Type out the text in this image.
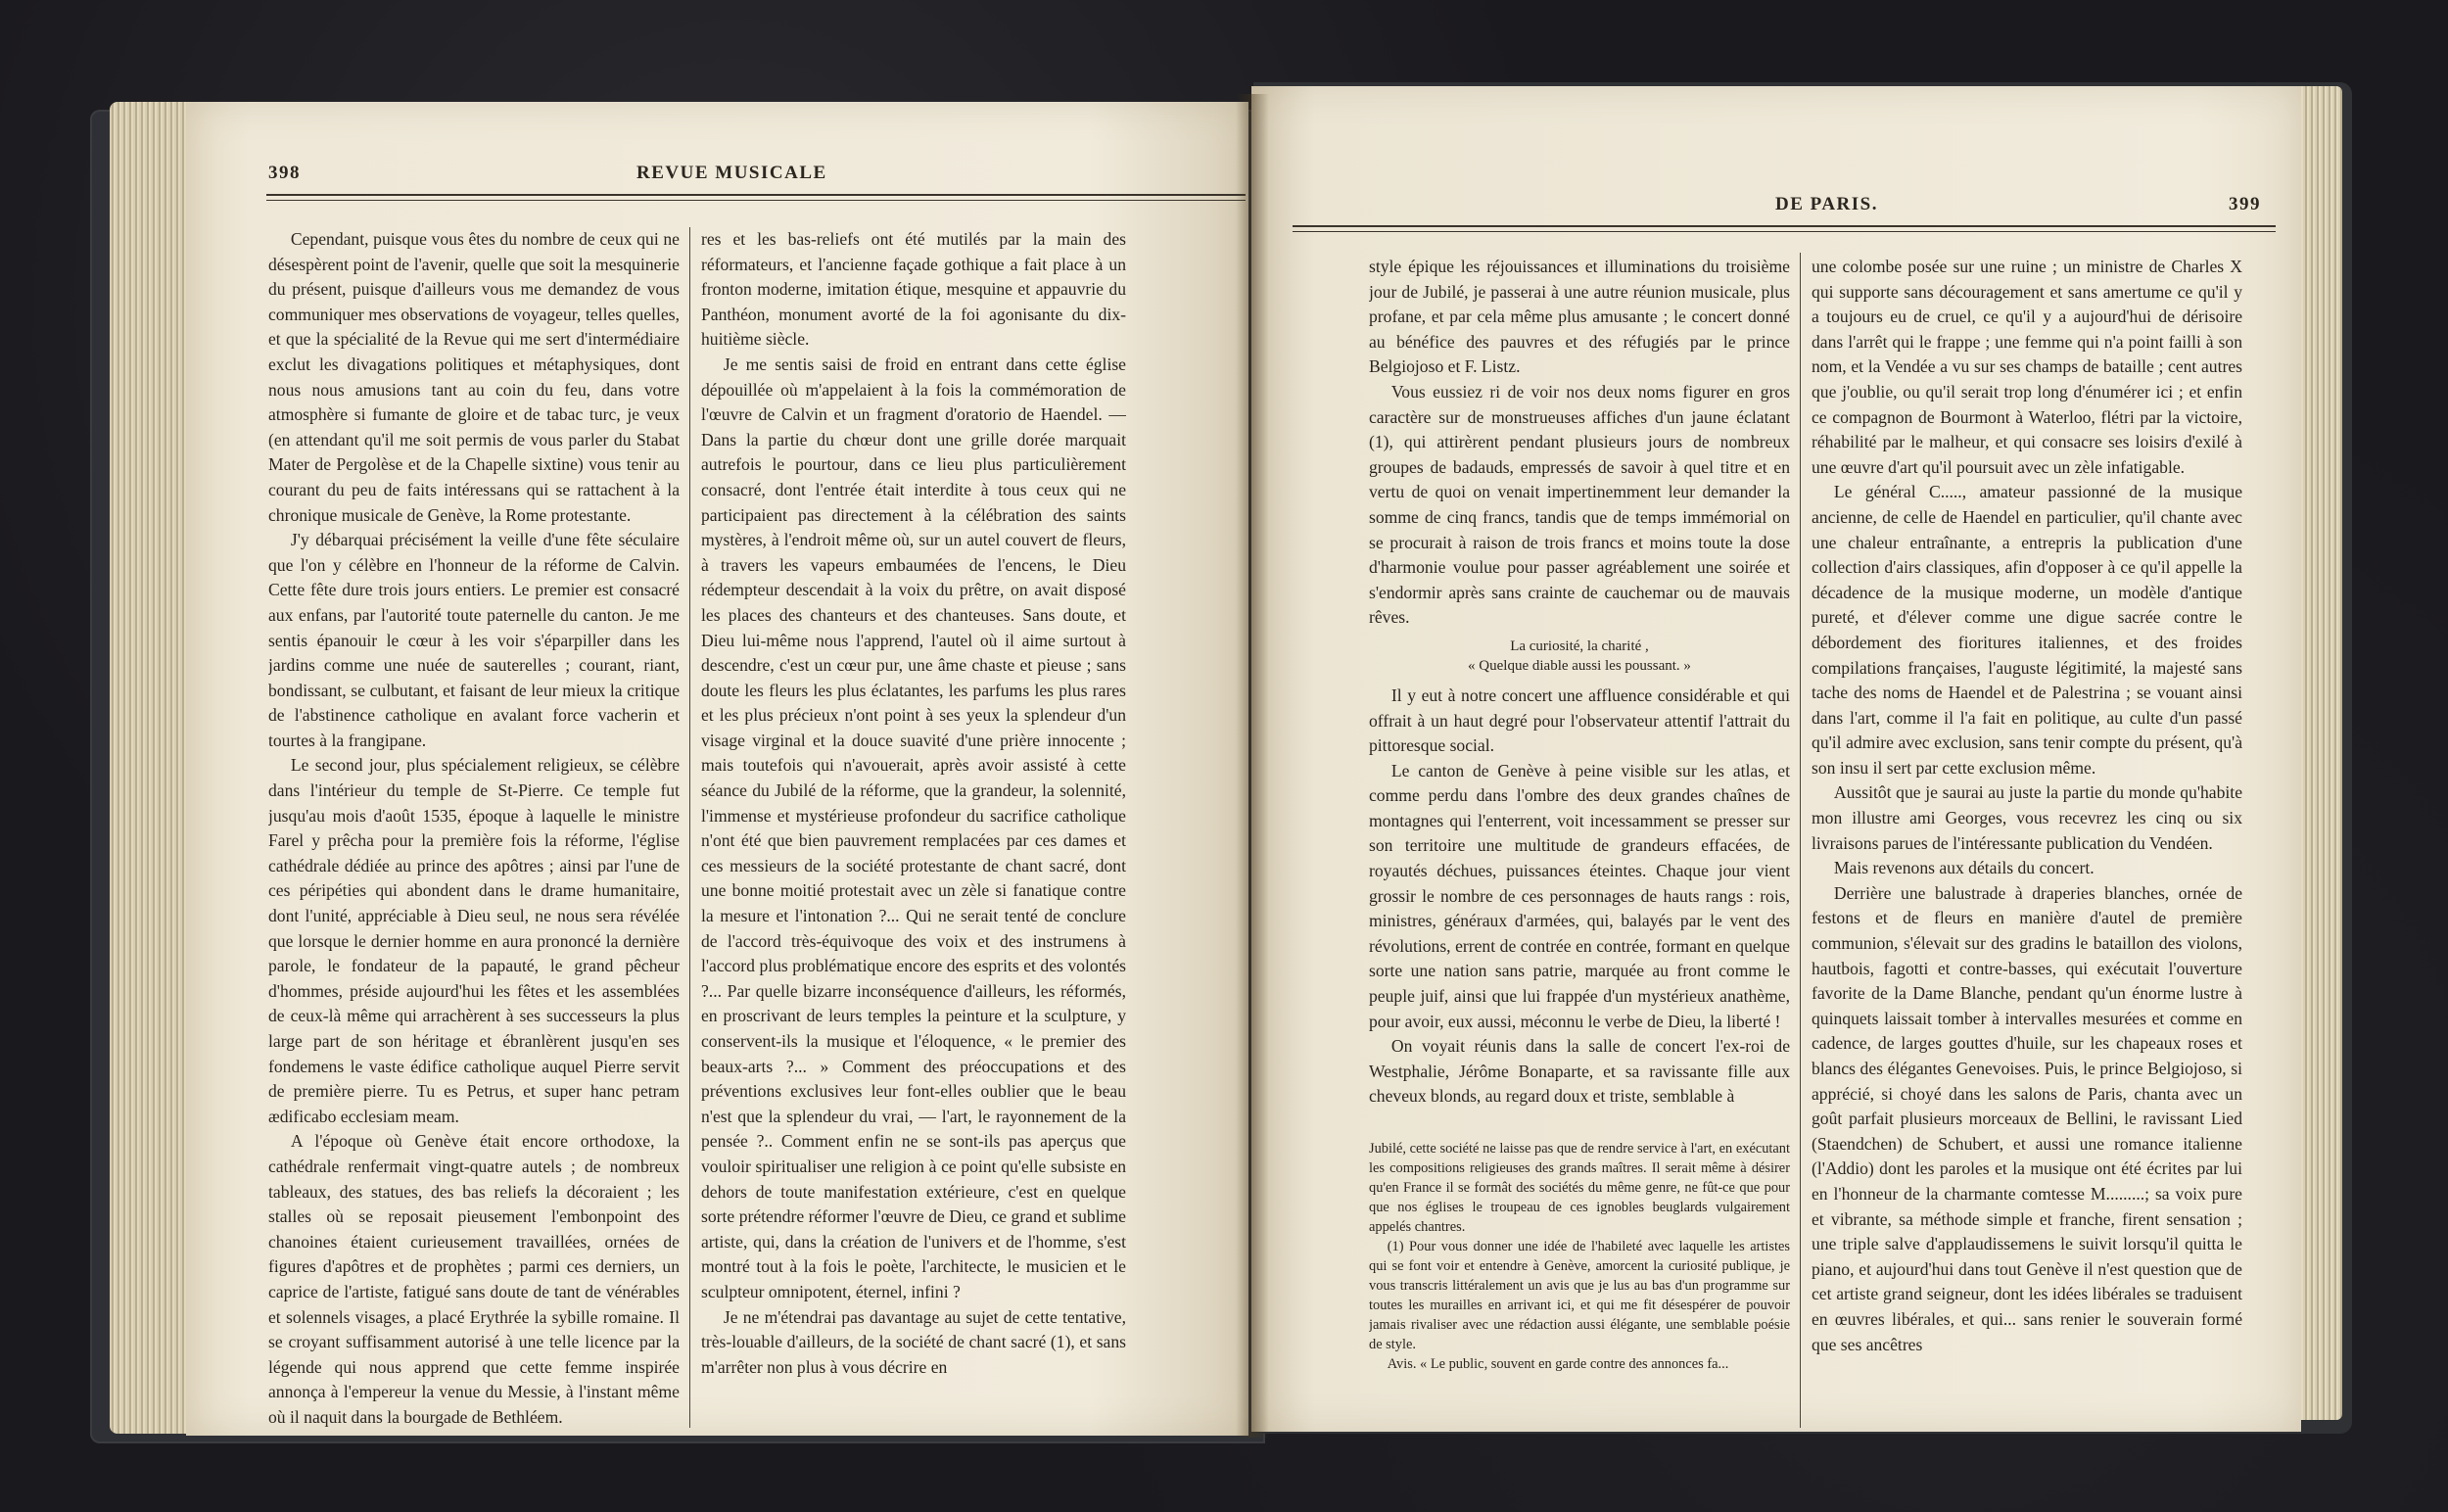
398	REVUE MUSICALE

Cependant, puisque vous êtes du nombre de ceux qui ne désespèrent point de l'avenir, quelle que soit la mesquinerie du présent, puisque d'ailleurs vous me demandez de vous communiquer mes observations de voyageur, telles quelles, et que la spécialité de la Revue qui me sert d'intermédiaire exclut les divagations politiques et métaphysiques, dont nous nous amusions tant au coin du feu, dans votre atmosphère si fumante de gloire et de tabac turc, je veux (en attendant qu'il me soit permis de vous parler du Stabat Mater de Pergolèse et de la Chapelle sixtine) vous tenir au courant du peu de faits intéressans qui se rattachent à la chronique musicale de Genève, la Rome protestante.

J'y débarquai précisément la veille d'une fête séculaire que l'on y célèbre en l'honneur de la réforme de Calvin. Cette fête dure trois jours entiers. Le premier est consacré aux enfans, par l'autorité toute paternelle du canton. Je me sentis épanouir le cœur à les voir s'éparpiller dans les jardins comme une nuée de sauterelles ; courant, riant, bondissant, se culbutant, et faisant de leur mieux la critique de l'abstinence catholique en avalant force vacherin et tourtes à la frangipane.

Le second jour, plus spécialement religieux, se célèbre dans l'intérieur du temple de St-Pierre. Ce temple fut jusqu'au mois d'août 1535, époque à laquelle le ministre Farel y prêcha pour la première fois la réforme, l'église cathédrale dédiée au prince des apôtres ; ainsi par l'une de ces péripéties qui abondent dans le drame humanitaire, dont l'unité, appréciable à Dieu seul, ne nous sera révélée que lorsque le dernier homme en aura prononcé la dernière parole, le fondateur de la papauté, le grand pêcheur d'hommes, préside aujourd'hui les fêtes et les assemblées de ceux-là même qui arrachèrent à ses successeurs la plus large part de son héritage et ébranlèrent jusqu'en ses fondemens le vaste édifice catholique auquel Pierre servit de première pierre. Tu es Petrus, et super hanc petram ædificabo ecclesiam meam.

A l'époque où Genève était encore orthodoxe, la cathédrale renfermait vingt-quatre autels ; de nombreux tableaux, des statues, des bas reliefs la décoraient ; les stalles où se reposait pieusement l'embonpoint des chanoines étaient curieusement travaillées, ornées de figures d'apôtres et de prophètes ; parmi ces derniers, un caprice de l'artiste, fatigué sans doute de tant de vénérables et solennels visages, a placé Erythrée la sybille romaine. Il se croyant suffisamment autorisé à une telle licence par la légende qui nous apprend que cette femme inspirée annonça à l'empereur la venue du Messie, à l'instant même où il naquit dans la bourgade de Bethléem.

res et les bas-reliefs ont été mutilés par la main des réformateurs, et l'ancienne façade gothique a fait place à un fronton moderne, imitation étique, mesquine et appauvrie du Panthéon, monument avorté de la foi agonisante du dix-huitième siècle.

Je me sentis saisi de froid en entrant dans cette église dépouillée où m'appelaient à la fois la commémoration de l'œuvre de Calvin et un fragment d'oratorio de Haendel. — Dans la partie du chœur dont une grille dorée marquait autrefois le pourtour, dans ce lieu plus particulièrement consacré, dont l'entrée était interdite à tous ceux qui ne participaient pas directement à la célébration des saints mystères, à l'endroit même où, sur un autel couvert de fleurs, à travers les vapeurs embaumées de l'encens, le Dieu rédempteur descendait à la voix du prêtre, on avait disposé les places des chanteurs et des chanteuses. Sans doute, et Dieu lui-même nous l'apprend, l'autel où il aime surtout à descendre, c'est un cœur pur, une âme chaste et pieuse ; sans doute les fleurs les plus éclatantes, les parfums les plus rares et les plus précieux n'ont point à ses yeux la splendeur d'un visage virginal et la douce suavité d'une prière innocente ; mais toutefois qui n'avouerait, après avoir assisté à cette séance du Jubilé de la réforme, que la grandeur, la solennité, l'immense et mystérieuse profondeur du sacrifice catholique n'ont été que bien pauvrement remplacées par ces dames et ces messieurs de la société protestante de chant sacré, dont une bonne moitié protestait avec un zèle si fanatique contre la mesure et l'intonation ?... Qui ne serait tenté de conclure de l'accord très-équivoque des voix et des instrumens à l'accord plus problématique encore des esprits et des volontés ?... Par quelle bizarre inconséquence d'ailleurs, les réformés, en proscrivant de leurs temples la peinture et la sculpture, y conservent-ils la musique et l'éloquence, « le premier des beaux-arts ?... » Comment des préoccupations et des préventions exclusives leur font-elles oublier que le beau n'est que la splendeur du vrai, — l'art, le rayonnement de la pensée ?.. Comment enfin ne se sont-ils pas aperçus que vouloir spiritualiser une religion à ce point qu'elle subsiste en dehors de toute manifestation extérieure, c'est en quelque sorte prétendre réformer l'œuvre de Dieu, ce grand et sublime artiste, qui, dans la création de l'univers et de l'homme, s'est montré tout à la fois le poète, l'architecte, le musicien et le sculpteur omnipotent, éternel, infini ?

Je ne m'étendrai pas davantage au sujet de cette tentative, très-louable d'ailleurs, de la société de chant sacré (1), et sans m'arrêter non plus à vous décrire en

DE PARIS.	399

style épique les réjouissances et illuminations du troisième jour de Jubilé, je passerai à une autre réunion musicale, plus profane, et par cela même plus amusante ; le concert donné au bénéfice des pauvres et des réfugiés par le prince Belgiojoso et F. Listz.

Vous eussiez ri de voir nos deux noms figurer en gros caractère sur de monstrueuses affiches d'un jaune éclatant (1), qui attirèrent pendant plusieurs jours de nombreux groupes de badauds, empressés de savoir à quel titre et en vertu de quoi on venait impertinemment leur demander la somme de cinq francs, tandis que de temps immémorial on se procurait à raison de trois francs et moins toute la dose d'harmonie voulue pour passer agréablement une soirée et s'endormir après sans crainte de cauchemar ou de mauvais rêves.

La curiosité, la charité ,

« Quelque diable aussi les poussant. »

Il y eut à notre concert une affluence considérable et qui offrait à un haut degré pour l'observateur attentif l'attrait du pittoresque social.

Le canton de Genève à peine visible sur les atlas, et comme perdu dans l'ombre des deux grandes chaînes de montagnes qui l'enterrent, voit incessamment se presser sur son territoire une multitude de grandeurs effacées, de royautés déchues, puissances éteintes. Chaque jour vient grossir le nombre de ces personnages de hauts rangs : rois, ministres, généraux d'armées, qui, balayés par le vent des révolutions, errent de contrée en contrée, formant en quelque sorte une nation sans patrie, marquée au front comme le peuple juif, ainsi que lui frappée d'un mystérieux anathème, pour avoir, eux aussi, méconnu le verbe de Dieu, la liberté !

On voyait réunis dans la salle de concert l'ex-roi de Westphalie, Jérôme Bonaparte, et sa ravissante fille aux cheveux blonds, au regard doux et triste, semblable à

Jubilé, cette société ne laisse pas que de rendre service à l'art, en exécutant les compositions religieuses des grands maîtres. Il serait même à désirer qu'en France il se formât des sociétés du même genre, ne fût-ce que pour que nos églises le troupeau de ces ignobles beuglards vulgairement appelés chantres.

(1) Pour vous donner une idée de l'habileté avec laquelle les artistes qui se font voir et entendre à Genève, amorcent la curiosité publique, je vous transcris littéralement un avis que je lus au bas d'un programme sur toutes les murailles en arrivant ici, et qui me fit désespérer de pouvoir jamais rivaliser avec une rédaction aussi élégante, une semblable poésie de style.

Avis. « Le public, souvent en garde contre des annonces fa...

une colombe posée sur une ruine ; un ministre de Charles X qui supporte sans découragement et sans amertume ce qu'il y a toujours eu de cruel, ce qu'il y a aujourd'hui de dérisoire dans l'arrêt qui le frappe ; une femme qui n'a point failli à son nom, et la Vendée a vu sur ses champs de bataille ; cent autres que j'oublie, ou qu'il serait trop long d'énumérer ici ; et enfin ce compagnon de Bourmont à Waterloo, flétri par la victoire, réhabilité par le malheur, et qui consacre ses loisirs d'exilé à une œuvre d'art qu'il poursuit avec un zèle infatigable.

Le général C....., amateur passionné de la musique ancienne, de celle de Haendel en particulier, qu'il chante avec une chaleur entraînante, a entrepris la publication d'une collection d'airs classiques, afin d'opposer à ce qu'il appelle la décadence de la musique moderne, un modèle d'antique pureté, et d'élever comme une digue sacrée contre le débordement des fioritures italiennes, et des froides compilations françaises, l'auguste légitimité, la majesté sans tache des noms de Haendel et de Palestrina ; se vouant ainsi dans l'art, comme il l'a fait en politique, au culte d'un passé qu'il admire avec exclusion, sans tenir compte du présent, qu'à son insu il sert par cette exclusion même.

Aussitôt que je saurai au juste la partie du monde qu'habite mon illustre ami Georges, vous recevrez les cinq ou six livraisons parues de l'intéressante publication du Vendéen.

Mais revenons aux détails du concert.

Derrière une balustrade à draperies blanches, ornée de festons et de fleurs en manière d'autel de première communion, s'élevait sur des gradins le bataillon des violons, hautbois, fagotti et contre-basses, qui exécutait l'ouverture favorite de la Dame Blanche, pendant qu'un énorme lustre à quinquets laissait tomber à intervalles mesurées et comme en cadence, de larges gouttes d'huile, sur les chapeaux roses et blancs des élégantes Genevoises. Puis, le prince Belgiojoso, si apprécié, si choyé dans les salons de Paris, chanta avec un goût parfait plusieurs morceaux de Bellini, le ravissant Lied (Staendchen) de Schubert, et aussi une romance italienne (l'Addio) dont les paroles et la musique ont été écrites par lui en l'honneur de la charmante comtesse M.........; sa voix pure et vibrante, sa méthode simple et franche, firent sensation ; une triple salve d'applaudissemens le suivit lorsqu'il quitta le piano, et aujourd'hui dans tout Genève il n'est question que de cet artiste grand seigneur, dont les idées libérales se traduisent en œuvres libérales, et qui... sans renier le souverain formé que ses ancêtres
